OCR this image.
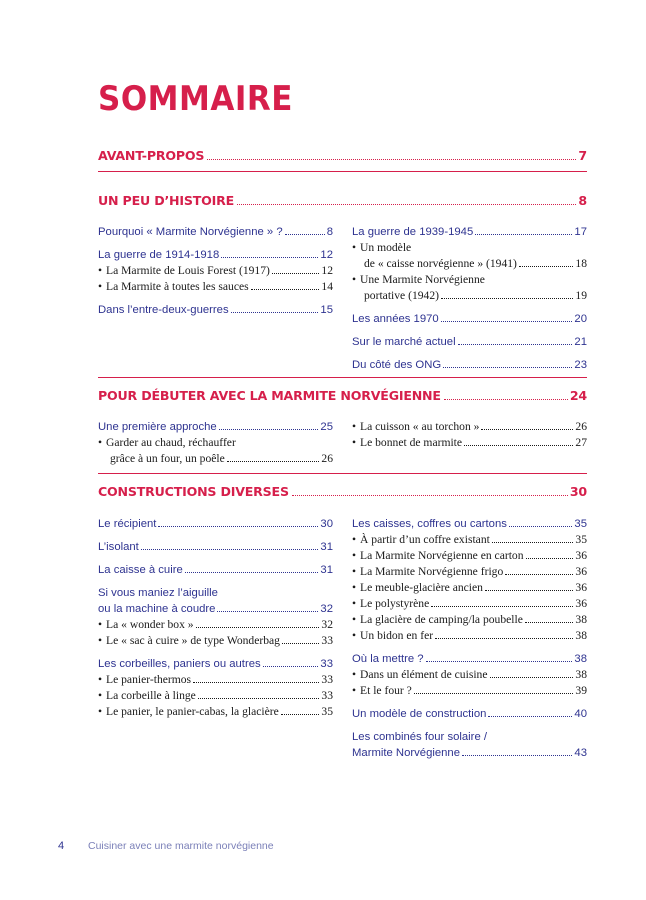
SOMMAIRE
AVANT-PROPOS	7
UN PEU D’HISTOIRE	8
Pourquoi « Marmite Norvégienne » ?	8
La guerre de 1914-1918	12
• La Marmite de Louis Forest (1917)	12
• La Marmite à toutes les sauces	14
Dans l’entre-deux-guerres	15
La guerre de 1939-1945	17
• Un modèle
de « caisse norvégienne » (1941)	18
• Une Marmite Norvégienne
portative (1942)	19
Les années 1970	20
Sur le marché actuel	21
Du côté des ONG	23
POUR DÉBUTER AVEC LA MARMITE NORVÉGIENNE	24
Une première approche	25
• Garder au chaud, réchauffer
grâce à un four, un poêle	26
• La cuisson « au torchon »	26
• Le bonnet de marmite	27
CONSTRUCTIONS DIVERSES	30
Le récipient	30
L’isolant	31
La caisse à cuire	31
Si vous maniez l’aiguille
ou la machine à coudre	32
• La « wonder box »	32
• Le « sac à cuire » de type Wonderbag	33
Les corbeilles, paniers ou autres	33
• Le panier-thermos	33
• La corbeille à linge	33
• Le panier, le panier-cabas, la glacière	35
Les caisses, coffres ou cartons	35
• À partir d’un coffre existant	35
• La Marmite Norvégienne en carton	36
• La Marmite Norvégienne frigo	36
• Le meuble-glacière ancien	36
• Le polystyrène	36
• La glacière de camping/la poubelle	38
• Un bidon en fer	38
Où la mettre ?	38
• Dans un élément de cuisine	38
• Et le four ?	39
Un modèle de construction	40
Les combinés four solaire /
Marmite Norvégienne	43
4 Cuisiner avec une marmite norvégienne
